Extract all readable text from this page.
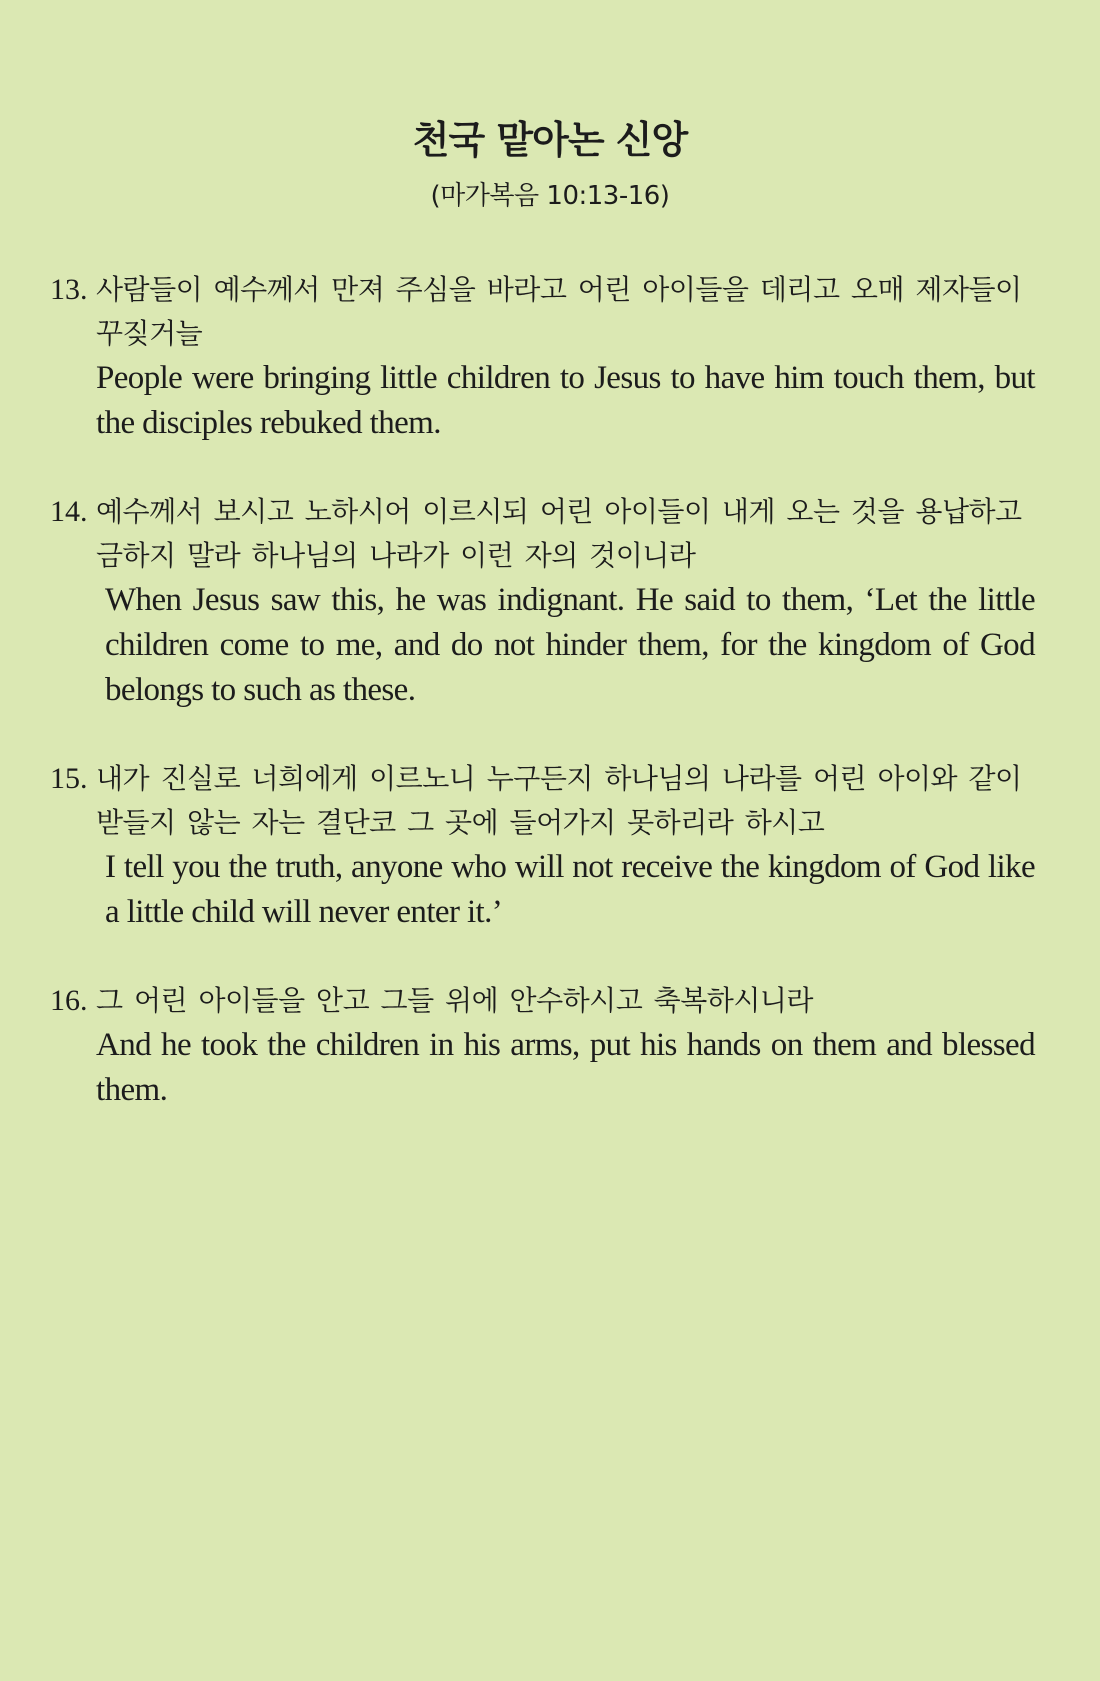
천국 맡아논 신앙

(마가복음 10:13-16)

13. 사람들이 예수께서 만져 주심을 바라고 어린 아이들을 데리고 오매 제자들이 꾸짖거늘

People were bringing little children to Jesus to have him touch them, but the disciples rebuked them.

14. 예수께서 보시고 노하시어 이르시되 어린 아이들이 내게 오는 것을 용납하고 금하지 말라 하나님의 나라가 이런 자의 것이니라

When Jesus saw this, he was indignant. He said to them, ‘Let the little children come to me, and do not hinder them, for the kingdom of God belongs to such as these.

15. 내가 진실로 너희에게 이르노니 누구든지 하나님의 나라를 어린 아이와 같이 받들지 않는 자는 결단코 그 곳에 들어가지 못하리라 하시고

I tell you the truth, anyone who will not receive the kingdom of God like a little child will never enter it.’

16. 그 어린 아이들을 안고 그들 위에 안수하시고 축복하시니라

And he took the children in his arms, put his hands on them and blessed them.
